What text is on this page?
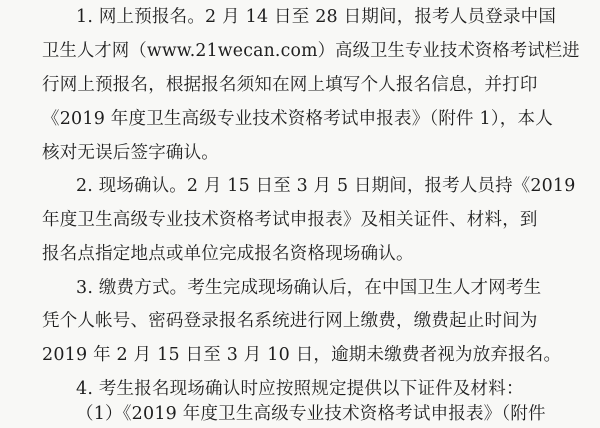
1. 网上预报名。2 月 14 日至 28 日期间，报考人员登录中国
卫生人才网（www.21wecan.com）高级卫生专业技术资格考试栏进
行网上预报名，根据报名须知在网上填写个人报名信息，并打印
《2019 年度卫生高级专业技术资格考试申报表》（附件 1），本人
核对无误后签字确认。
2. 现场确认。2 月 15 日至 3 月 5 日期间，报考人员持《2019
年度卫生高级专业技术资格考试申报表》及相关证件、材料，到
报名点指定地点或单位完成报名资格现场确认。
3. 缴费方式。考生完成现场确认后，在中国卫生人才网考生
凭个人帐号、密码登录报名系统进行网上缴费，缴费起止时间为
2019 年 2 月 15 日至 3 月 10 日，逾期未缴费者视为放弃报名。
4. 考生报名现场确认时应按照规定提供以下证件及材料：
（1）《2019 年度卫生高级专业技术资格考试申报表》（附件
